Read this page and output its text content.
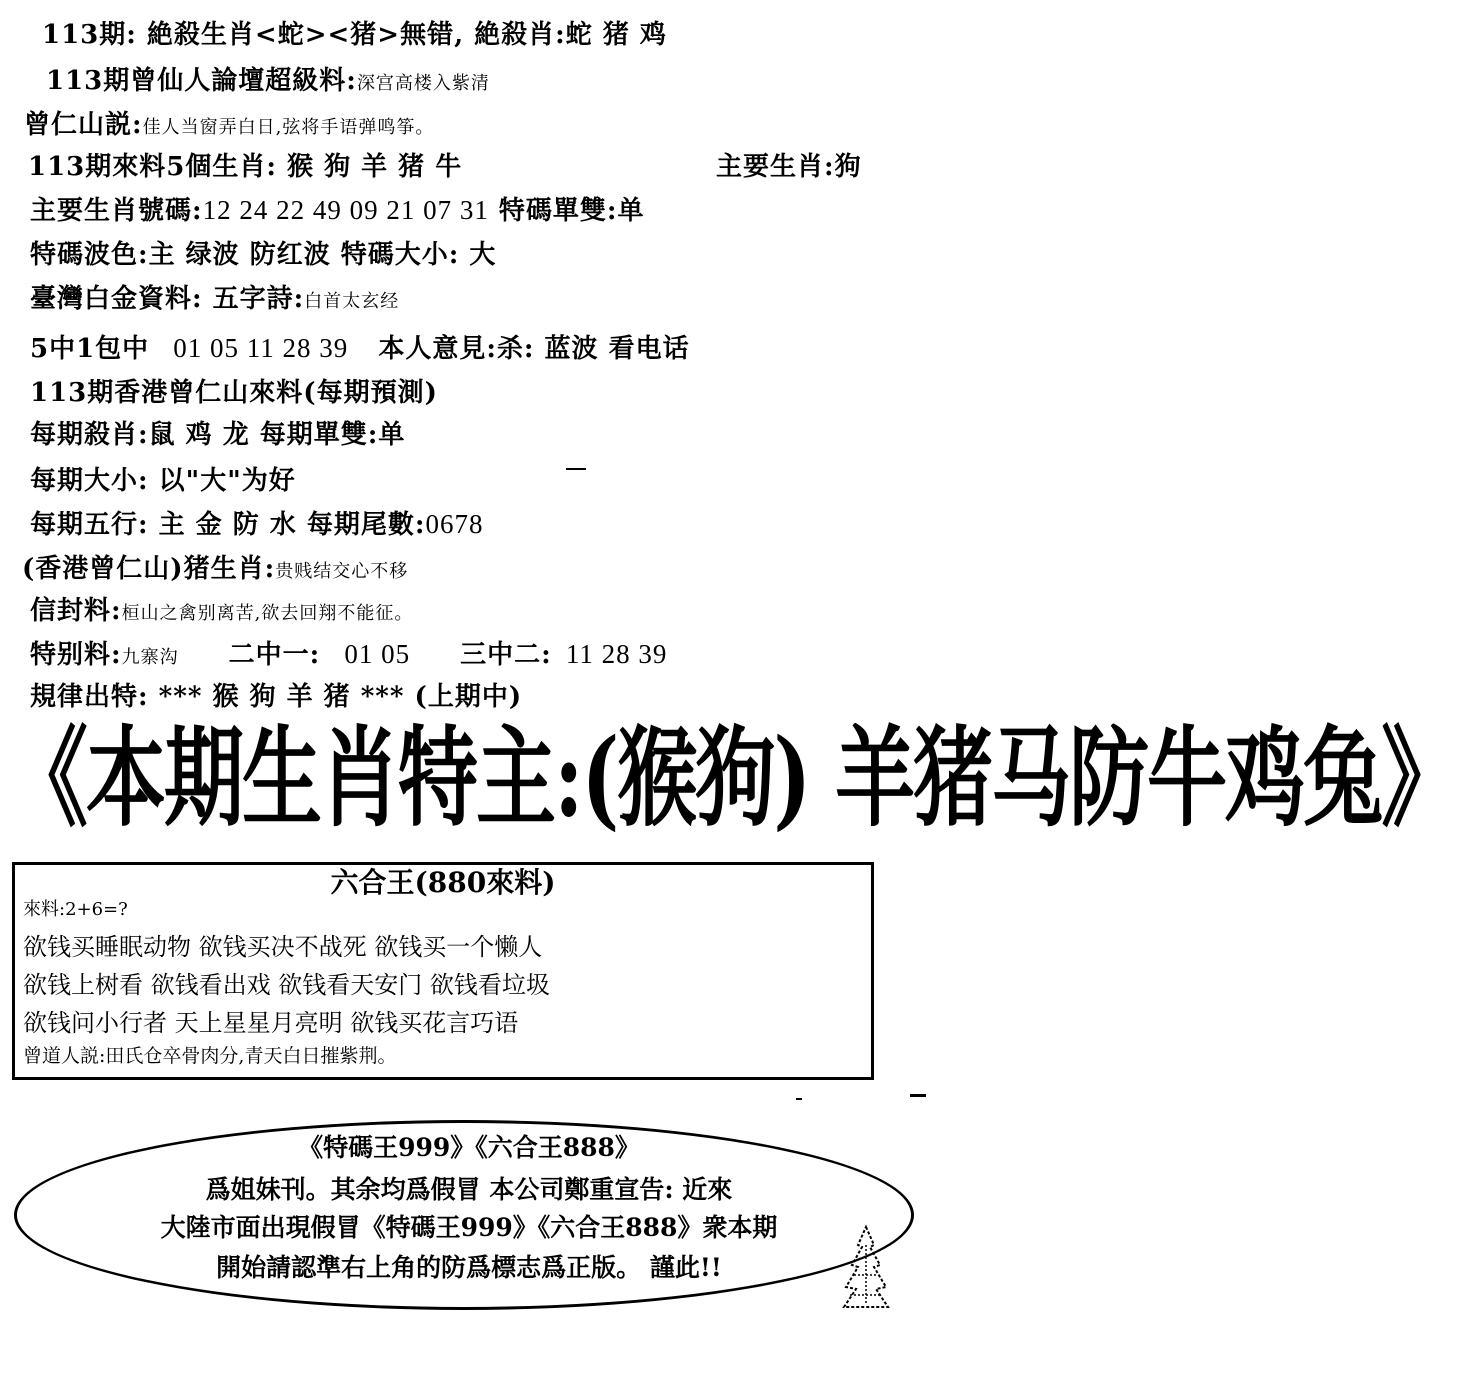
113期: 絶殺生肖<蛇><猪>無错, 絶殺肖:蛇 猪 鸡
113期曾仙人論壇超級料:深宫高楼入紫清
曾仁山説:佳人当窗弄白日,弦将手语弹鸣筝。
113期來料5個生肖: 猴 狗 羊 猪 牛	主要生肖:狗
主要生肖號碼:12 24 22 49 09 21 07 31 特碼單雙:单
特碼波色:主 绿波 防红波 特碼大小: 大
臺灣白金資料: 五字詩:白首太玄经
5中1包中 01 05 11 28 39 本人意見:杀: 蓝波 看电话
113期香港曾仁山來料(每期預測)
每期殺肖:鼠 鸡 龙 每期單雙:单
每期大小: 以"大"为好
每期五行: 主 金 防 水 每期尾數:0678
(香港曾仁山)猪生肖:贵贱结交心不移
信封料:桓山之禽别离苦,欲去回翔不能征。
特别料:九寨沟 二中一: 01 05 三中二: 11 28 39
規律出特: *** 猴 狗 羊 猪 *** (上期中)
《本期生肖特主:(猴狗) 羊猪马防牛鸡兔》
六合王(880來料)
來料:2+6=?
欲钱买睡眠动物 欲钱买决不战死 欲钱买一个懒人
欲钱上树看 欲钱看出戏 欲钱看天安门 欲钱看垃圾
欲钱问小行者 天上星星月亮明 欲钱买花言巧语
曾道人説:田氏仓卒骨肉分,青天白日摧紫荆。
《特碼王999》《六合王888》
爲姐妹刊。其余均爲假冒 本公司鄭重宣告: 近來
大陸市面出現假冒《特碼王999》《六合王888》衆本期
開始請認準右上角的防爲標志爲正版。 謹此!!
